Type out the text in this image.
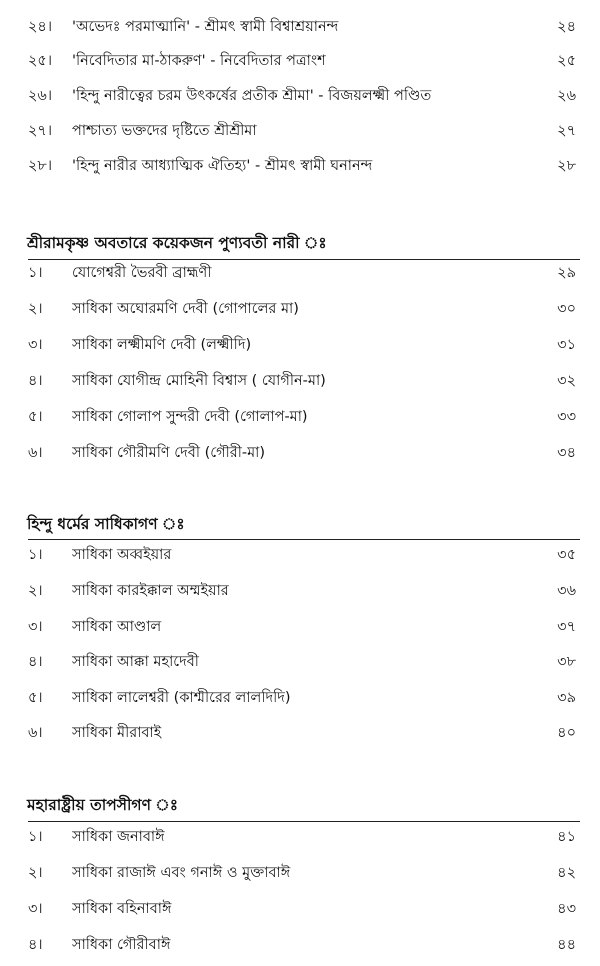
২৪।	'অভেদঃ পরমাত্মানি' - শ্রীমৎ স্বামী বিশ্বাশ্রয়ানন্দ	২৪
২৫।	'নিবেদিতার মা-ঠাকরুণ' - নিবেদিতার পত্রাংশ	২৫
২৬।	'হিন্দু নারীত্বের চরম উৎকর্ষের প্রতীক শ্রীমা' - বিজয়লক্ষ্মী পণ্ডিত	২৬
২৭।	পাশ্চাত্য ভক্তদের দৃষ্টিতে শ্রীশ্রীমা	২৭
২৮।	'হিন্দু নারীর আধ্যাত্মিক ঐতিহ্য' - শ্রীমৎ স্বামী ঘনানন্দ	২৮
শ্রীরামকৃষ্ণ অবতারে কয়েকজন পুণ্যবতী নারী ঃ
১।	যোগেশ্বরী ভৈরবী ব্রাহ্মণী	২৯
২।	সাধিকা অঘোরমণি দেবী (গোপালের মা)	৩০
৩।	সাধিকা লক্ষ্মীমণি দেবী (লক্ষ্মীদি)	৩১
৪।	সাধিকা যোগীন্দ্র মোহিনী বিশ্বাস ( যোগীন-মা)	৩২
৫।	সাধিকা গোলাপ সুন্দরী দেবী (গোলাপ-মা)	৩৩
৬।	সাধিকা গৌরীমণি দেবী (গৌরী-মা)	৩৪
হিন্দু ধর্মের সাধিকাগণ ঃ
১।	সাধিকা অব্বইয়ার	৩৫
২।	সাধিকা কারইক্কাল অম্মইয়ার	৩৬
৩।	সাধিকা আণ্ডাল	৩৭
৪।	সাধিকা আক্কা মহাদেবী	৩৮
৫।	সাধিকা লালেশ্বরী (কাশ্মীরের লালদিদি)	৩৯
৬।	সাধিকা মীরাবাই	৪০
মহারাষ্ট্রীয় তাপসীগণ ঃ
১।	সাধিকা জনাবাঈ	৪১
২।	সাধিকা রাজাঈ এবং গনাঈ ও মুক্তাবাঈ	৪২
৩।	সাধিকা বহিনাবাঈ	৪৩
৪।	সাধিকা গৌরীবাঈ	৪৪
